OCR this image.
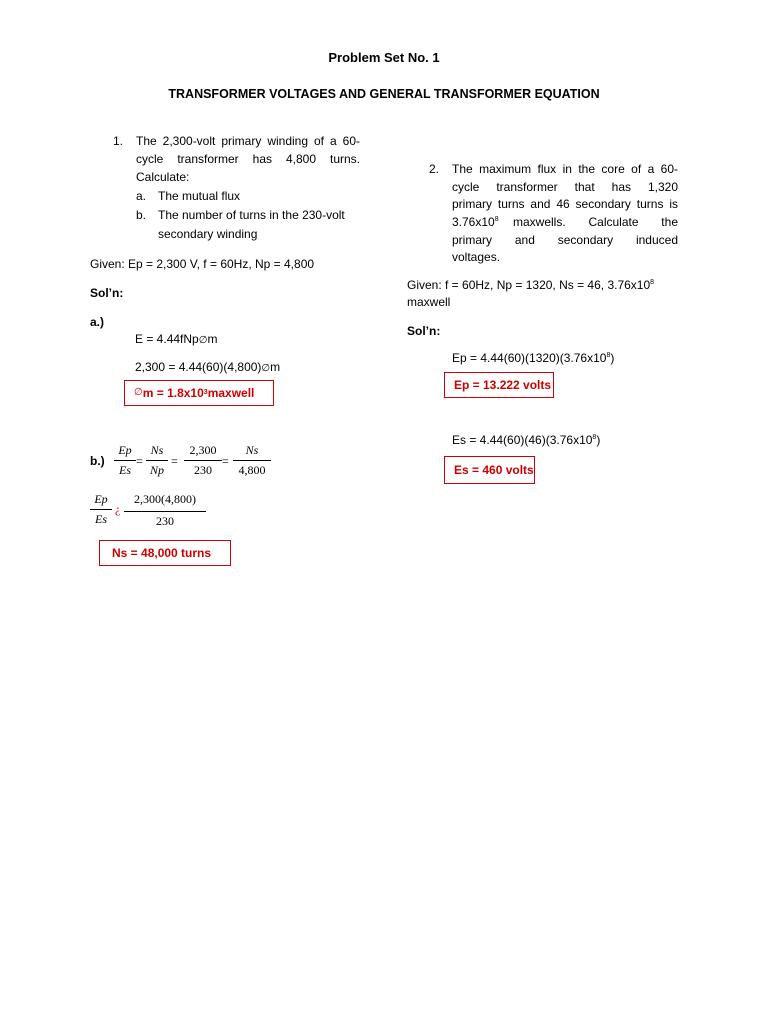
Problem Set No. 1
TRANSFORMER VOLTAGES AND GENERAL TRANSFORMER EQUATION
1. The 2,300-volt primary winding of a 60-
cycle transformer has 4,800 turns.
Calculate:
a. The mutual flux
b. The number of turns in the 230-volt
secondary winding
Given: Ep = 2,300 V, f = 60Hz, Np = 4,800
Sol’n:
a.)
E = 4.44fNp∅m
2,300 = 4.44(60)(4,800)∅m
∅ m = 1.8x10 3 maxwell
b.)
Ep
Es
=
Ns
Np
=
2,300
230
=
Ns
4,800
Ep
Es
¿
2,300(4,800)
230
Ns = 48,000 turns
2. The maximum flux in the core of a 60-
cycle transformer that has 1,320
primary turns and 46 secondary turns is
$3.76x10^8$ maxwells. Calculate the
primary and secondary induced
voltages.
Given: f = 60Hz, Np = 1320, Ns = 46, $3.76x10^8$
maxwell
Sol’n:
$Ep = 4.44(60)(1320)(3.76x10^8)$
Ep = 13.222 volts
$Es = 4.44(60)(46)(3.76x10^8)$
Es = 460 volts
